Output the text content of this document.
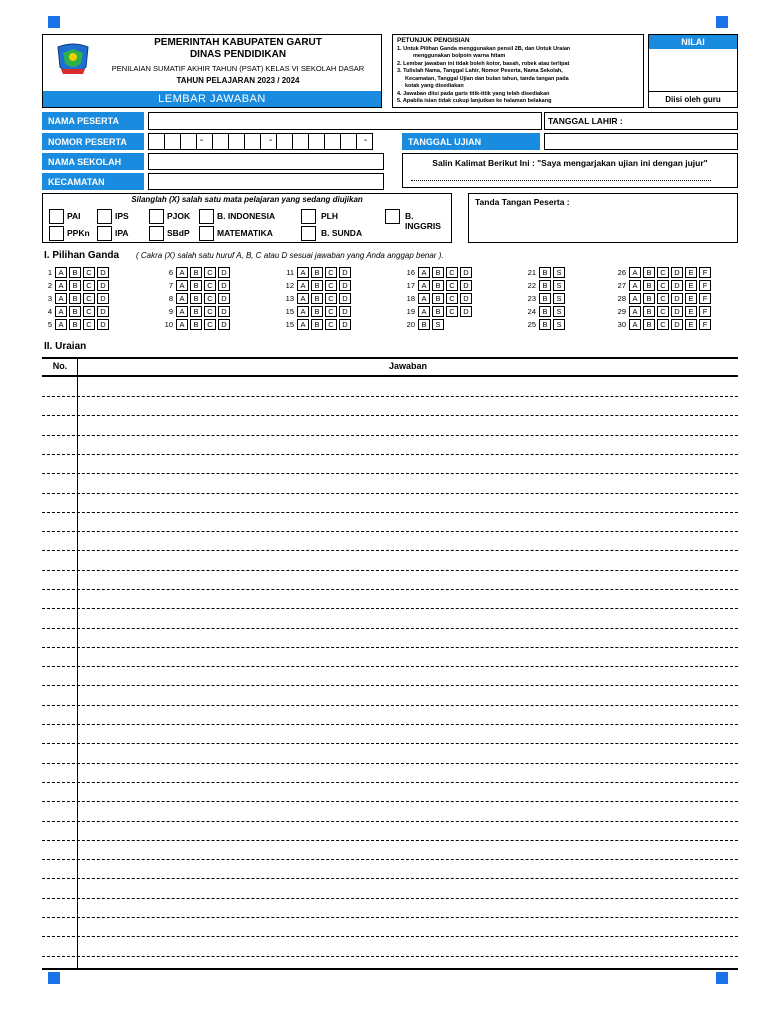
PEMERINTAH KABUPATEN GARUT
DINAS PENDIDIKAN
PENILAIAN SUMATIF AKHIR TAHUN (PSAT) KELAS VI SEKOLAH DASAR
TAHUN PELAJARAN 2023 / 2024
LEMBAR JAWABAN
PETUNJUK PENGISIAN
1. Untuk Pilihan Ganda menggunakan pensil 2B, dan Untuk Uraian
menggunakan bolpoin warna hitam
2. Lembar jawaban ini tidak boleh kotor, basah, robek atau terlipat
3. Tulislah Nama, Tanggal Lahir, Nomor Peserta, Nama Sekolah,
Kecamatan, Tanggal Ujian dan bulan tahun, tanda tangan pada
kotak yang disediakan
4. Jawaban diisi pada garis titik-titik yang telah disediakan
5. Apabila isian tidak cukup lanjutkan ke halaman belakang
NILAI
Diisi oleh guru
NAMA PESERTA	TANGGAL LAHIR :
NOMOR PESERTA	-	-	-	TANGGAL UJIAN
NAMA SEKOLAH
KECAMATAN
Salin Kalimat Berikut Ini : "Saya mengarjakan ujian ini dengan jujur"
Silanglah (X) salah satu mata pelajaran yang sedang diujikan
PAI	IPS	PJOK	B. INDONESIA	PLH	B. INGGRIS
PPKn	IPA	SBdP	MATEMATIKA	B. SUNDA
Tanda Tangan Peserta :
I. Pilihan Ganda ( Cakra (X) salah satu huruf A, B, C atau D sesuai jawaban yang Anda anggap benar ).
1 A	B	C	D
2 A	B	C	D
3 A	B	C	D
4 A	B	C	D
5 A	B	C	D
6 A	B	C	D
7 A	B	C	D
8 A	B	C	D
9 A	B	C	D
10 A	B	C	D
11 A	B	C	D
12 A	B	C	D
13 A	B	C	D
15 A	B	C	D
15 A	B	C	D
16 A	B	C	D
17 A	B	C	D
18 A	B	C	D
19 A	B	C	D
20 B	S
21 B	S
22 B	S
23 B	S
24 B	S
25 B	S
26 A	B	C	D	E	F
27 A	B	C	D	E	F
28 A	B	C	D	E	F
29 A	B	C	D	E	F
30 A	B	C	D	E	F
II. Uraian
No.	Jawaban
